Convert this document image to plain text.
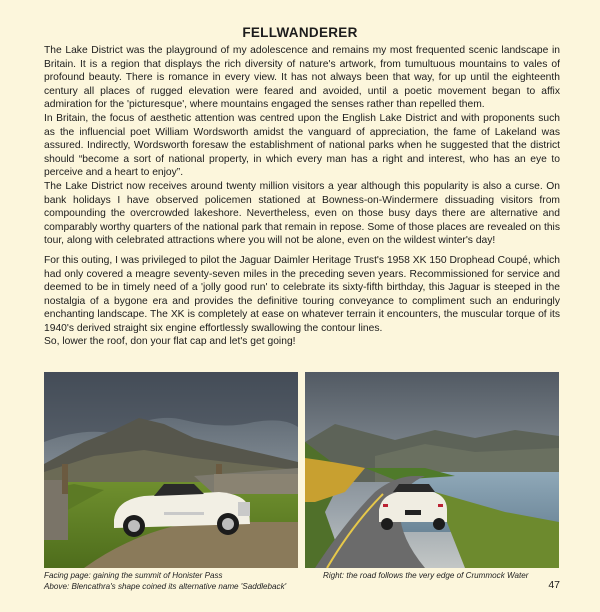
FELLWANDERER

The Lake District was the playground of my adolescence and remains my most frequented scenic landscape in Britain. It is a region that displays the rich diversity of nature's artwork, from tumultuous mountains to vales of profound beauty. There is romance in every view. It has not always been that way, for up until the eighteenth century all places of rugged elevation were feared and avoided, until a poetic movement began to affix admiration for the 'picturesque', where mountains engaged the senses rather than repelled them.

In Britain, the focus of aesthetic attention was centred upon the English Lake District and with proponents such as the influencial poet William Wordsworth amidst the vanguard of appreciation, the fame of Lakeland was assured. Indirectly, Wordsworth foresaw the establishment of national parks when he suggested that the district should “become a sort of national property, in which every man has a right and interest, who has an eye to perceive and a heart to enjoy”.

The Lake District now receives around twenty million visitors a year although this popularity is also a curse. On bank holidays I have observed policemen stationed at Bowness-on-Windermere dissuading visitors from compounding the overcrowded lakeshore. Nevertheless, even on those busy days there are alternative and comparably worthy quarters of the national park that remain in repose. Some of those places are revealed on this tour, along with celebrated attractions where you will not be alone, even on the wildest winter's day!

For this outing, I was privileged to pilot the Jaguar Daimler Heritage Trust's 1958 XK 150 Drophead Coupé, which had only covered a meagre seventy-seven miles in the preceding seven years. Recommissioned for service and deemed to be in timely need of a 'jolly good run' to celebrate its sixty-fifth birthday, this Jaguar is steeped in the nostalgia of a bygone era and provides the definitive touring conveyance to compliment such an enduringly enchanting landscape. The XK is completely at ease on whatever terrain it encounters, the muscular torque of its 1940's derived straight six engine effortlessly swallowing the contour lines.

So, lower the roof, don your flat cap and let's get going!

Facing page: gaining the summit of Honister Pass
Above: Blencathra's shape coined its alternative name 'Saddleback'
Right: the road follows the very edge of Crummock Water
47
